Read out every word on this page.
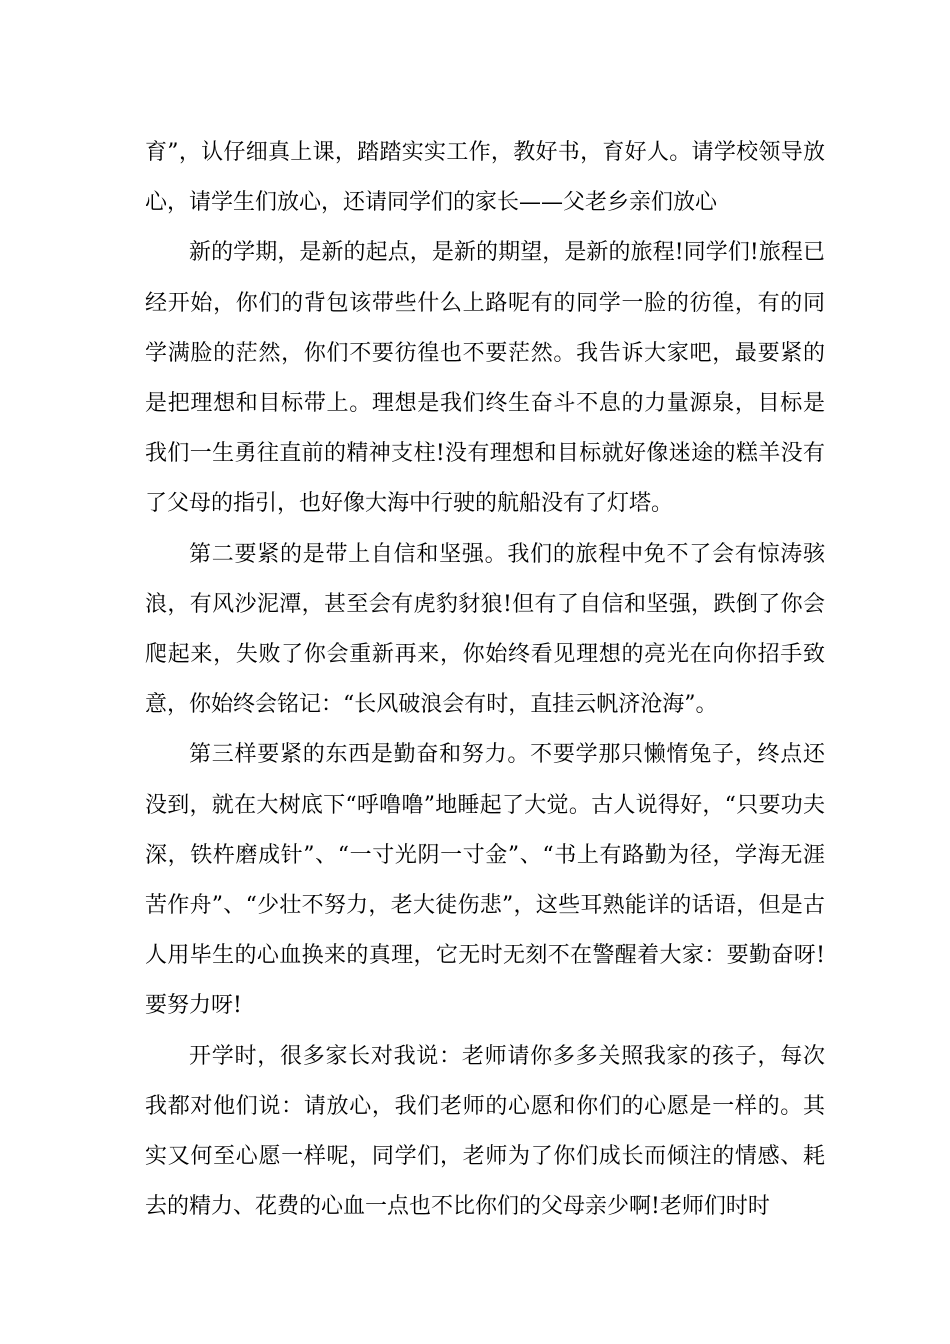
育”，认仔细真上课，踏踏实实工作，教好书，育好人。请学校领导放心，请学生们放心，还请同学们的家长——父老乡亲们放心

新的学期，是新的起点，是新的期望，是新的旅程!同学们!旅程已经开始，你们的背包该带些什么上路呢有的同学一脸的彷徨，有的同学满脸的茫然，你们不要彷徨也不要茫然。我告诉大家吧，最要紧的是把理想和目标带上。理想是我们终生奋斗不息的力量源泉，目标是我们一生勇往直前的精神支柱!没有理想和目标就好像迷途的糕羊没有了父母的指引，也好像大海中行驶的航船没有了灯塔。

第二要紧的是带上自信和坚强。我们的旅程中免不了会有惊涛骇浪，有风沙泥潭，甚至会有虎豹豺狼!但有了自信和坚强，跌倒了你会爬起来，失败了你会重新再来，你始终看见理想的亮光在向你招手致意，你始终会铭记：“长风破浪会有时，直挂云帆济沧海”。

第三样要紧的东西是勤奋和努力。不要学那只懒惰兔子，终点还没到，就在大树底下“呼噜噜”地睡起了大觉。古人说得好，“只要功夫深，铁杵磨成针”、“一寸光阴一寸金”、“书上有路勤为径，学海无涯苦作舟”、“少壮不努力，老大徒伤悲”，这些耳熟能详的话语，但是古人用毕生的心血换来的真理，它无时无刻不在警醒着大家：要勤奋呀!要努力呀!

开学时，很多家长对我说：老师请你多多关照我家的孩子，每次我都对他们说：请放心，我们老师的心愿和你们的心愿是一样的。其实又何至心愿一样呢，同学们，老师为了你们成长而倾注的情感、耗去的精力、花费的心血一点也不比你们的父母亲少啊!老师们时时
